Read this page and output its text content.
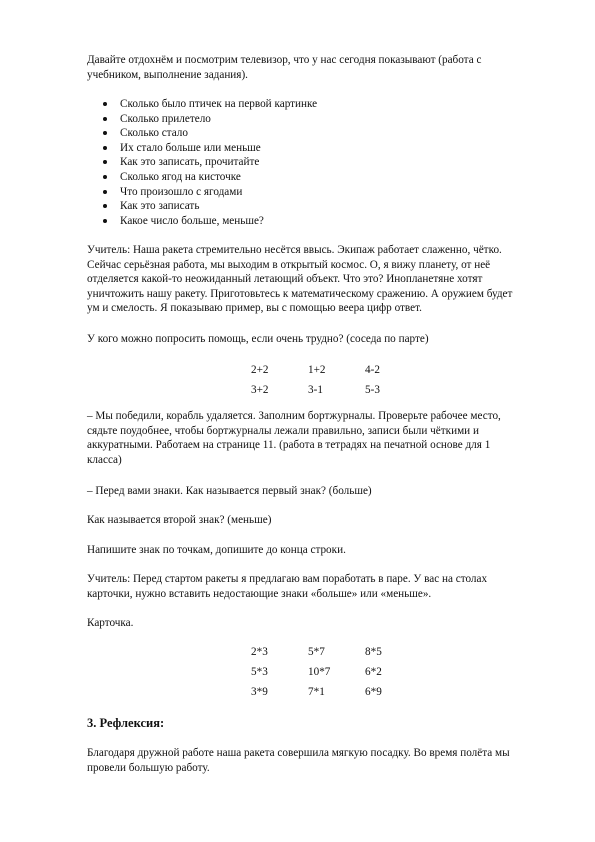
Давайте отдохнём и посмотрим телевизор, что у нас сегодня показывают (работа с учебником, выполнение задания).

Сколько было птичек на первой картинке
Сколько прилетело
Сколько стало
Их стало больше или меньше
Как это записать, прочитайте
Сколько ягод на кисточке
Что произошло с ягодами
Как это записать
Какое число больше, меньше?

Учитель: Наша ракета стремительно несётся ввысь. Экипаж работает слаженно, чётко. Сейчас серьёзная работа, мы выходим в открытый космос. О, я вижу планету, от неё отделяется какой-то неожиданный летающий объект. Что это? Инопланетяне хотят уничтожить нашу ракету. Приготовьтесь к математическому сражению. А оружием будет ум и смелость. Я показываю пример, вы с помощью веера цифр ответ.

У кого можно попросить помощь, если очень трудно? (соседа по парте)

2+2	1+2	4-2
3+2	3-1	5-3

– Мы победили, корабль удаляется. Заполним бортжурналы. Проверьте рабочее место, сядьте поудобнее, чтобы бортжурналы лежали правильно, записи были чёткими и аккуратными. Работаем на странице 11. (работа в тетрадях на печатной основе для 1 класса)

– Перед вами знаки. Как называется первый знак? (больше)

Как называется второй знак? (меньше)

Напишите знак по точкам, допишите до конца строки.

Учитель: Перед стартом ракеты я предлагаю вам поработать в паре. У вас на столах карточки, нужно вставить недостающие знаки «больше» или «меньше».

Карточка.

2*3	5*7	8*5
5*3	10*7	6*2
3*9	7*1	6*9
3. Рефлексия:

Благодаря дружной работе наша ракета совершила мягкую посадку. Во время полёта мы провели большую работу.
